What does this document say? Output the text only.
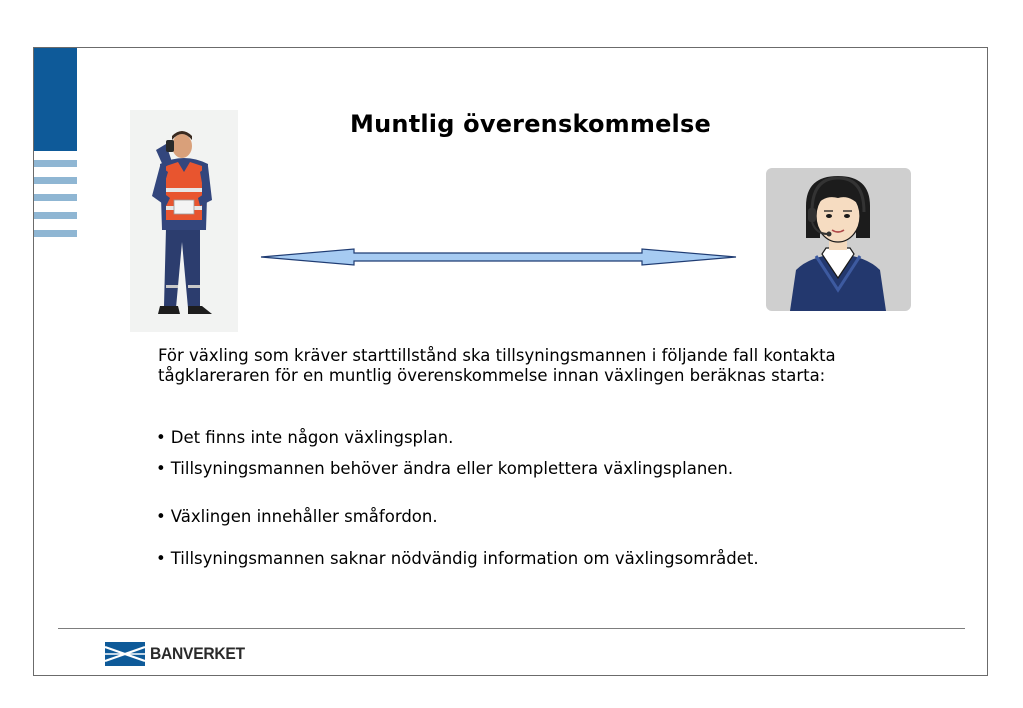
Muntlig överenskommelse
För växling som kräver starttillstånd ska tillsyningsmannen i följande fall kontakta tågklareraren för en muntlig överenskommelse innan växlingen beräknas starta:
• Det finns inte någon växlingsplan.
• Tillsyningsmannen behöver ändra eller komplettera växlingsplanen.
• Växlingen innehåller småfordon.
• Tillsyningsmannen saknar nödvändig information om växlingsområdet.
BANVERKET
